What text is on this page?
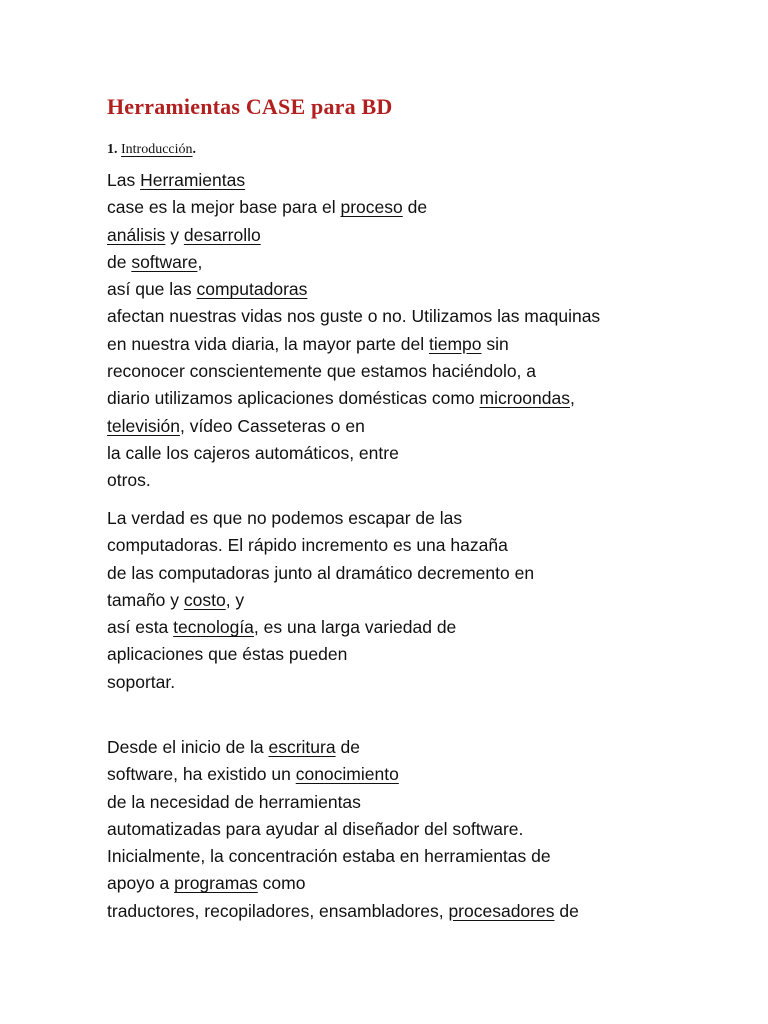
Herramientas CASE para BD
1. Introducción.
Las Herramientas
case es la mejor base para el proceso de
análisis y desarrollo
de software,
así que las computadoras
afectan nuestras vidas nos guste o no. Utilizamos las maquinas
en nuestra vida diaria, la mayor parte del tiempo sin
reconocer conscientemente que estamos haciéndolo, a
diario utilizamos aplicaciones domésticas como microondas,
televisión, vídeo Casseteras o en
la calle los cajeros automáticos, entre
otros.
La verdad es que no podemos escapar de las
computadoras. El rápido incremento es una hazaña
de las computadoras junto al dramático decremento en
tamaño y costo, y
así esta tecnología, es una larga variedad de
aplicaciones que éstas pueden
soportar.
Desde el inicio de la escritura de
software, ha existido un conocimiento
de la necesidad de herramientas
automatizadas para ayudar al diseñador del software.
Inicialmente, la concentración estaba en herramientas de
apoyo a programas como
traductores, recopiladores, ensambladores, procesadores de
